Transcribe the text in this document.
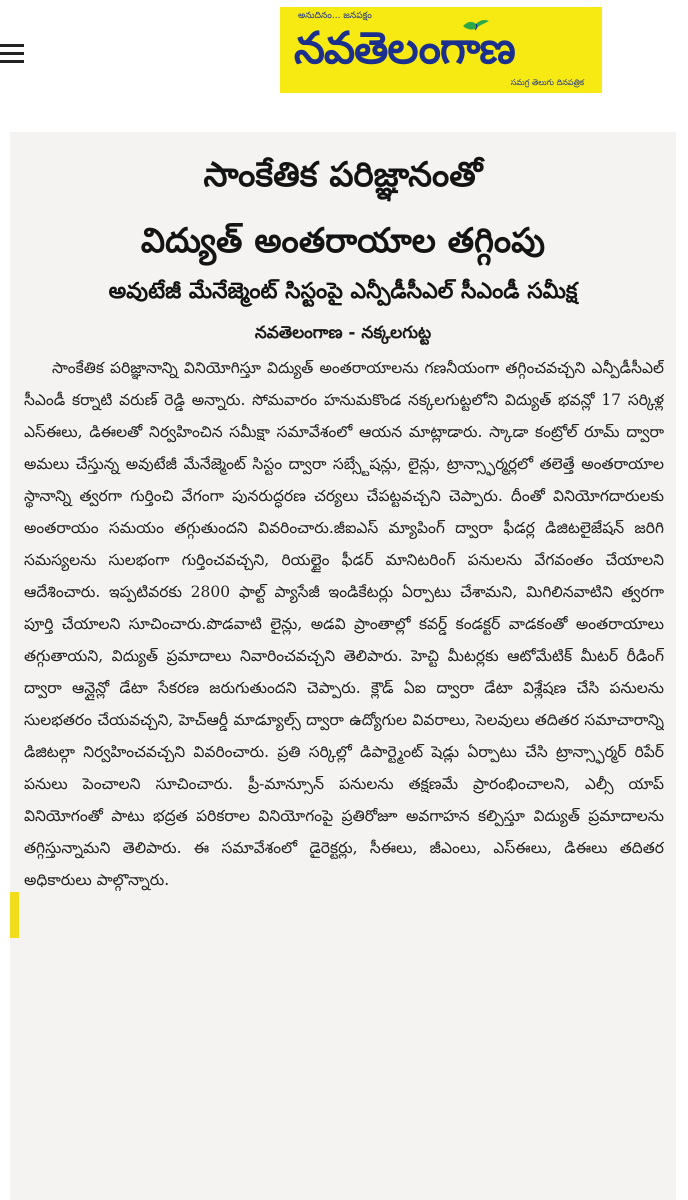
అనుదినం... జనపక్షం
నవతెలంగాణ
సమగ్ర తెలుగు దినపత్రిక
సాంకేతిక పరిజ్ఞానంతో
విద్యుత్ అంతరాయాల తగ్గింపు
అవుటేజీ మేనేజ్మెంట్ సిస్టంపై ఎన్పీడీసీఎల్ సీఎండీ సమీక్ష
నవతెలంగాణ - నక్కలగుట్ట

సాంకేతిక పరిజ్ఞానాన్ని వినియోగిస్తూ విద్యుత్ అంతరాయాలను గణనీయంగా తగ్గించవచ్చని ఎన్పీడీసీఎల్ సీఎండీ కర్నాటి వరుణ్ రెడ్డి అన్నారు. సోమవారం హనుమకొండ నక్కలగుట్టలోని విద్యుత్ భవన్లో 17 సర్కిళ్ల ఎస్ఈలు, డిఈలతో నిర్వహించిన సమీక్షా సమావేశంలో ఆయన మాట్లాడారు. స్కాడా కంట్రోల్ రూమ్ ద్వారా అమలు చేస్తున్న అవుటేజీ మేనేజ్మెంట్ సిస్టం ద్వారా సబ్స్టేషన్లు, లైన్లు, ట్రాన్స్ఫార్మర్లలో తలెత్తే అంతరాయాల స్థానాన్ని త్వరగా గుర్తించి వేగంగా పునరుద్ధరణ చర్యలు చేపట్టవచ్చని చెప్పారు. దీంతో వినియోగదారులకు అంతరాయం సమయం తగ్గుతుందని వివరించారు.జీఐఎస్ మ్యాపింగ్ ద్వారా ఫీడర్ల డిజిటలైజేషన్ జరిగి సమస్యలను సులభంగా గుర్తించవచ్చని, రియల్టైం ఫీడర్ మానిటరింగ్ పనులను వేగవంతం చేయాలని ఆదేశించారు. ఇప్పటివరకు 2800 ఫాల్ట్ ప్యాసేజీ ఇండికేటర్లు ఏర్పాటు చేశామని, మిగిలినవాటిని త్వరగా పూర్తి చేయాలని సూచించారు.పొడవాటి లైన్లు, అడవి ప్రాంతాల్లో కవర్డ్ కండక్టర్ వాడకంతో అంతరాయాలు తగ్గుతాయని, విద్యుత్ ప్రమాదాలు నివారించవచ్చని తెలిపారు. హెచ్టి మీటర్లకు ఆటోమేటిక్ మీటర్ రీడింగ్ ద్వారా ఆన్లైన్లో డేటా సేకరణ జరుగుతుందని చెప్పారు. క్లౌడ్ ఏఐ ద్వారా డేటా విశ్లేషణ చేసి పనులను సులభతరం చేయవచ్చని, హెచ్ఆర్డీ మాడ్యూల్స్ ద్వారా ఉద్యోగుల వివరాలు, సెలవులు తదితర సమాచారాన్ని డిజిటల్గా నిర్వహించవచ్చని వివరించారు. ప్రతి సర్కిల్లో డిపార్ట్మెంట్ షెడ్లు ఏర్పాటు చేసి ట్రాన్స్ఫార్మర్ రిపేర్ పనులు పెంచాలని సూచించారు. ప్రీ-మాన్సూన్ పనులను తక్షణమే ప్రారంభించాలని, ఎల్సీ యాప్ వినియోగంతో పాటు భద్రత పరికరాల వినియోగంపై ప్రతిరోజూ అవగాహన కల్పిస్తూ విద్యుత్ ప్రమాదాలను తగ్గిస్తున్నామని తెలిపారు. ఈ సమావేశంలో డైరెక్టర్లు, సీఈలు, జీఎంలు, ఎస్ఈలు, డిఈలు తదితర అధికారులు పాల్గొన్నారు.
